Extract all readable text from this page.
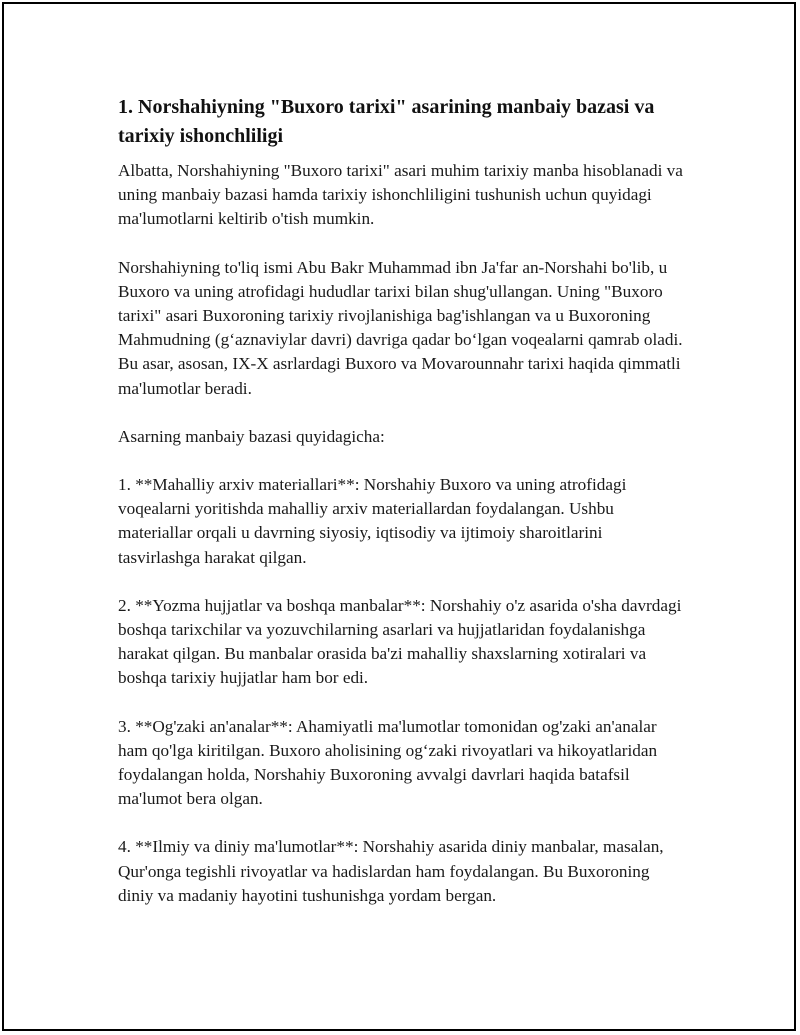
1. Norshahiyning "Buxoro tarixi" asarining manbaiy bazasi va tarixiy ishonchliligi

Albatta, Norshahiyning "Buxoro tarixi" asari muhim tarixiy manba hisoblanadi va uning manbaiy bazasi hamda tarixiy ishonchliligini tushunish uchun quyidagi ma'lumotlarni keltirib o'tish mumkin.

Norshahiyning to'liq ismi Abu Bakr Muhammad ibn Ja'far an-Norshahi bo'lib, u Buxoro va uning atrofidagi hududlar tarixi bilan shug'ullangan. Uning "Buxoro tarixi" asari Buxoroning tarixiy rivojlanishiga bag'ishlangan va u Buxoroning Mahmudning (g‘aznaviylar davri) davriga qadar bo‘lgan voqealarni qamrab oladi. Bu asar, asosan, IX-X asrlardagi Buxoro va Movarounnahr tarixi haqida qimmatli ma'lumotlar beradi.

Asarning manbaiy bazasi quyidagicha:

1. **Mahalliy arxiv materiallari**: Norshahiy Buxoro va uning atrofidagi voqealarni yoritishda mahalliy arxiv materiallardan foydalangan. Ushbu materiallar orqali u davrning siyosiy, iqtisodiy va ijtimoiy sharoitlarini tasvirlashga harakat qilgan.

2. **Yozma hujjatlar va boshqa manbalar**: Norshahiy o'z asarida o'sha davrdagi boshqa tarixchilar va yozuvchilarning asarlari va hujjatlaridan foydalanishga harakat qilgan. Bu manbalar orasida ba'zi mahalliy shaxslarning xotiralari va boshqa tarixiy hujjatlar ham bor edi.

3. **Og'zaki an'analar**: Ahamiyatli ma'lumotlar tomonidan og'zaki an'analar ham qo'lga kiritilgan. Buxoro aholisining og‘zaki rivoyatlari va hikoyatlaridan foydalangan holda, Norshahiy Buxoroning avvalgi davrlari haqida batafsil ma'lumot bera olgan.

4. **Ilmiy va diniy ma'lumotlar**: Norshahiy asarida diniy manbalar, masalan, Qur'onga tegishli rivoyatlar va hadislardan ham foydalangan. Bu Buxoroning diniy va madaniy hayotini tushunishga yordam bergan.
